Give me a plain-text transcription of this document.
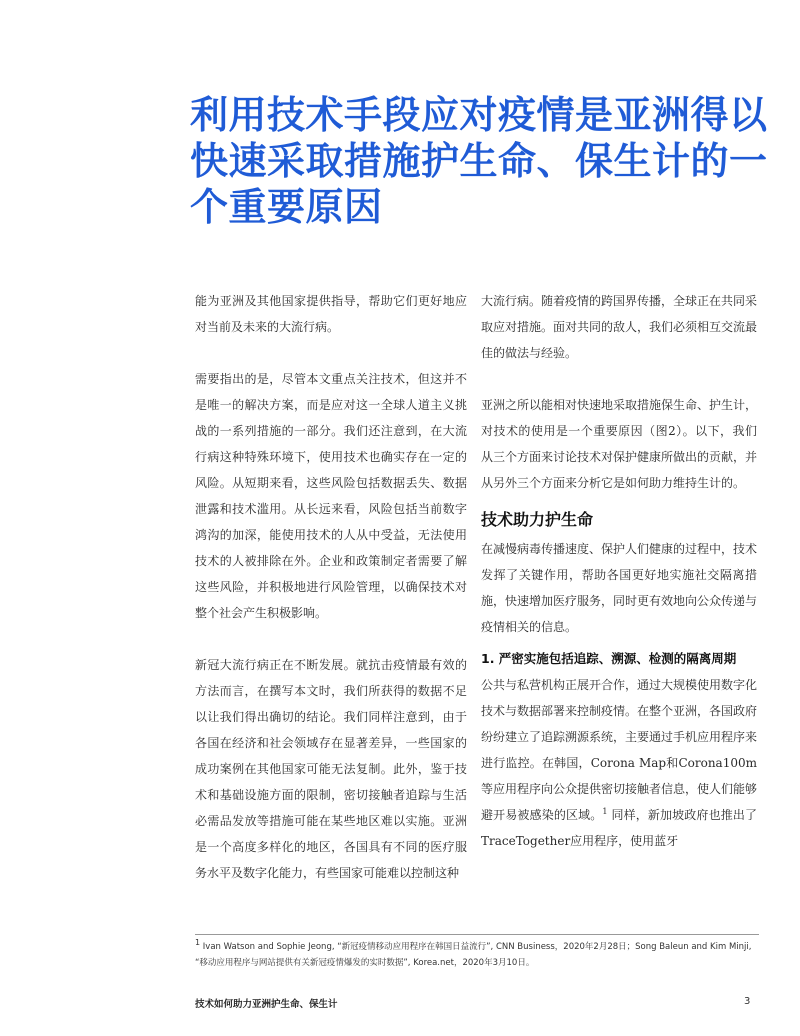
利用技术手段应对疫情是亚洲得以快速采取措施护生命、保生计的一个重要原因

能为亚洲及其他国家提供指导，帮助它们更好地应对当前及未来的大流行病。

需要指出的是，尽管本文重点关注技术，但这并不是唯一的解决方案，而是应对这一全球人道主义挑战的一系列措施的一部分。我们还注意到，在大流行病这种特殊环境下，使用技术也确实存在一定的风险。从短期来看，这些风险包括数据丢失、数据泄露和技术滥用。从长远来看，风险包括当前数字鸿沟的加深，能使用技术的人从中受益，无法使用技术的人被排除在外。企业和政策制定者需要了解这些风险，并积极地进行风险管理，以确保技术对整个社会产生积极影响。

新冠大流行病正在不断发展。就抗击疫情最有效的方法而言，在撰写本文时，我们所获得的数据不足以让我们得出确切的结论。我们同样注意到，由于各国在经济和社会领域存在显著差异，一些国家的成功案例在其他国家可能无法复制。此外，鉴于技术和基础设施方面的限制，密切接触者追踪与生活必需品发放等措施可能在某些地区难以实施。亚洲是一个高度多样化的地区，各国具有不同的医疗服务水平及数字化能力，有些国家可能难以控制这种

大流行病。随着疫情的跨国界传播，全球正在共同采取应对措施。面对共同的敌人，我们必须相互交流最佳的做法与经验。

亚洲之所以能相对快速地采取措施保生命、护生计，对技术的使用是一个重要原因（图2）。以下，我们从三个方面来讨论技术对保护健康所做出的贡献，并从另外三个方面来分析它是如何助力维持生计的。

技术助力护生命

在减慢病毒传播速度、保护人们健康的过程中，技术发挥了关键作用，帮助各国更好地实施社交隔离措施，快速增加医疗服务，同时更有效地向公众传递与疫情相关的信息。

1. 严密实施包括追踪、溯源、检测的隔离周期

公共与私营机构正展开合作，通过大规模使用数字化技术与数据部署来控制疫情。在整个亚洲，各国政府纷纷建立了追踪溯源系统，主要通过手机应用程序来进行监控。在韩国，Corona Map和Corona100m等应用程序向公众提供密切接触者信息，使人们能够避开易被感染的区域。$^1$ 同样，新加坡政府也推出了TraceTogether应用程序，使用蓝牙

1 Ivan Watson and Sophie Jeong, “新冠疫情移动应用程序在韩国日益流行”, CNN Business，2020年2月28日；Song Baleun and Kim Minji, “移动应用程序与网站提供有关新冠疫情爆发的实时数据”, Korea.net，2020年3月10日。
技术如何助力亚洲护生命、保生计	3
